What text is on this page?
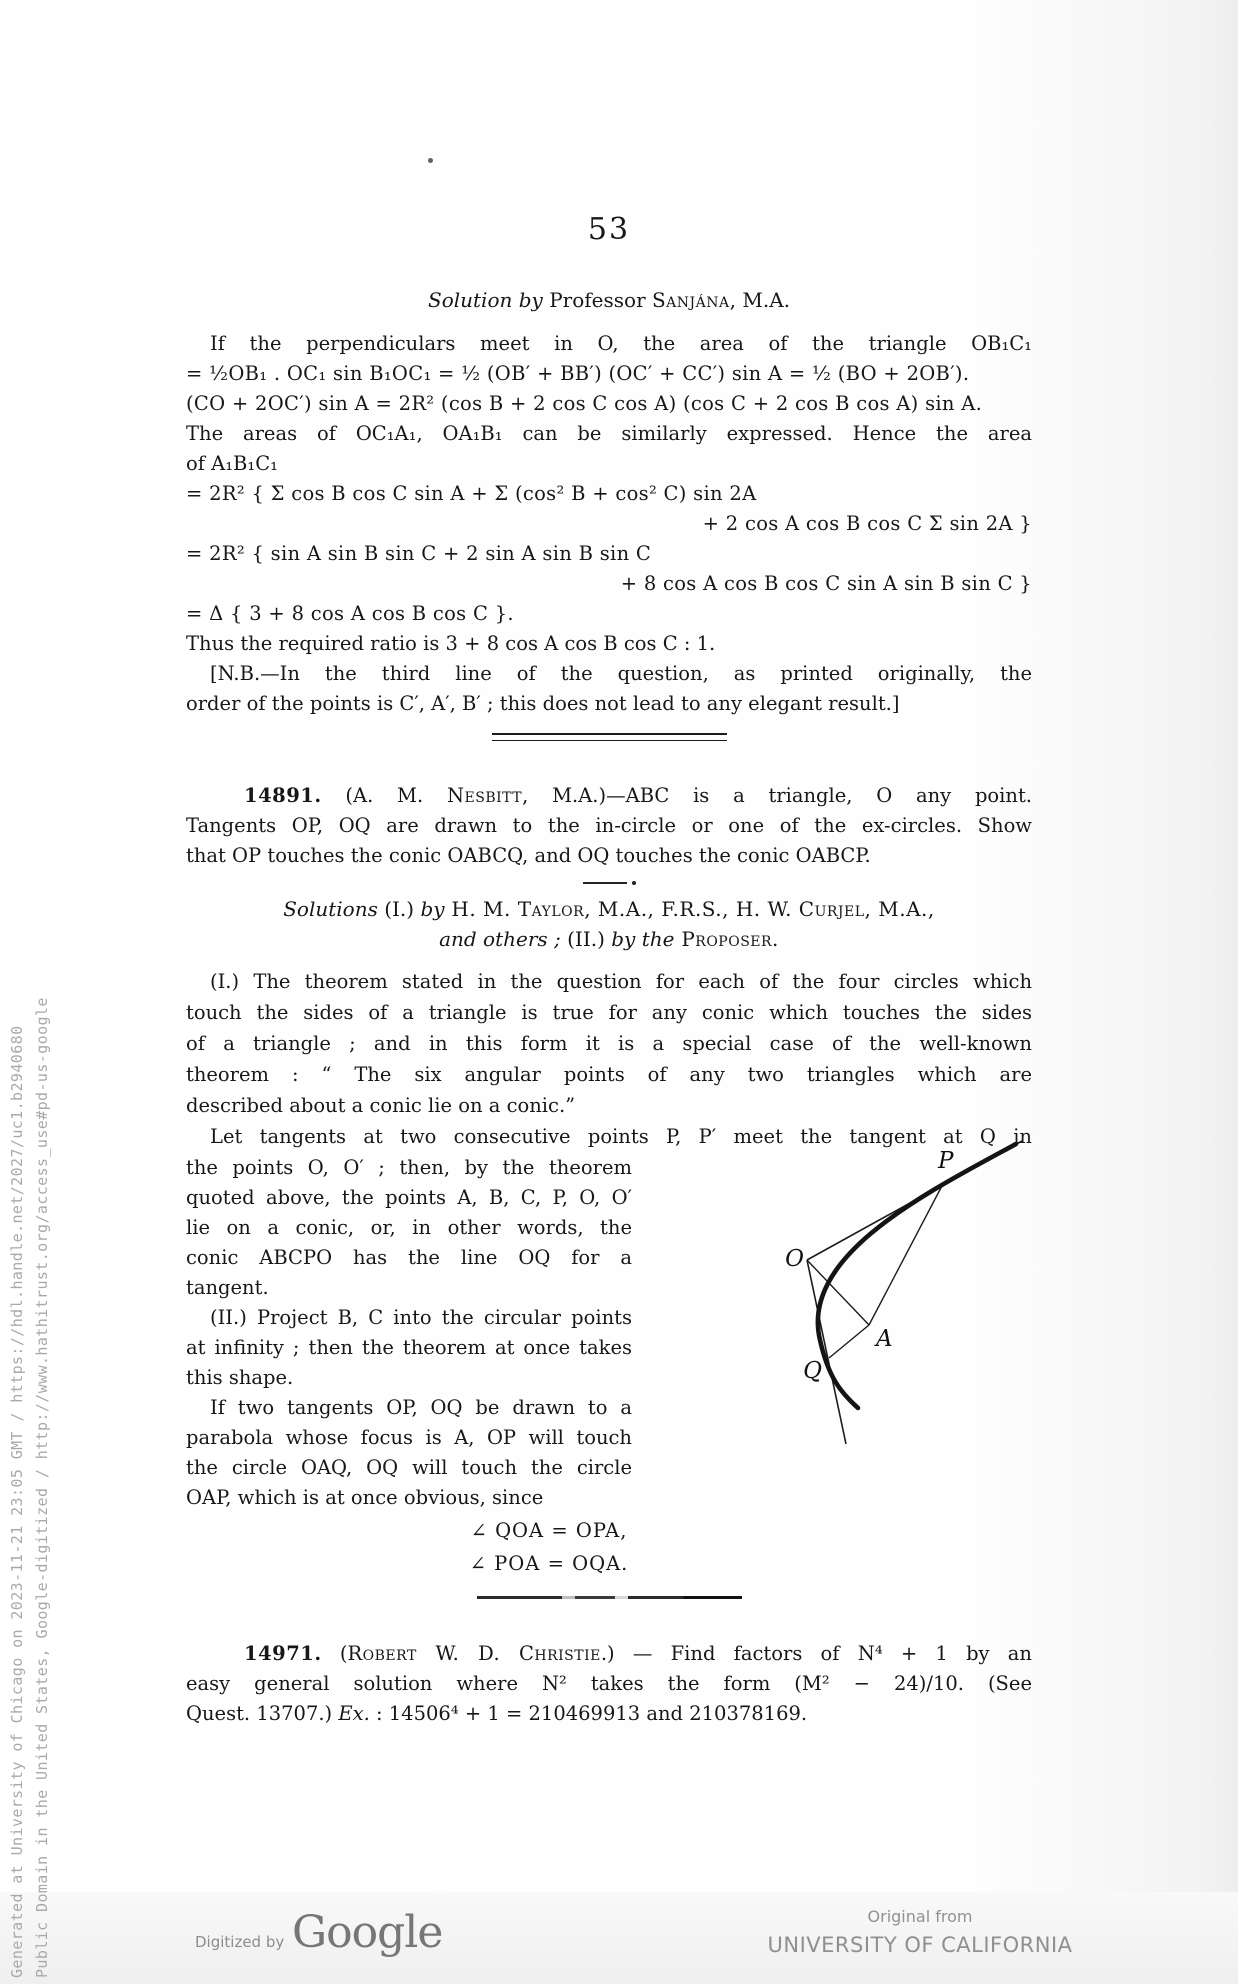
Generated at University of Chicago on 2023-11-21 23:05 GMT / https://hdl.handle.net/2027/uc1.b2940680 Public Domain in the United States, Google-digitized / http://www.hathitrust.org/access_use#pd-us-google
53
Solution by Professor Sanjána, M.A.
If the perpendiculars meet in O, the area of the triangle OB₁C₁
= ½OB₁ . OC₁ sin B₁OC₁ = ½ (OB′ + BB′) (OC′ + CC′) sin A = ½ (BO + 2OB′).
(CO + 2OC′) sin A = 2R² (cos B + 2 cos C cos A) (cos C + 2 cos B cos A) sin A.
The areas of OC₁A₁, OA₁B₁ can be similarly expressed. Hence the area
of A₁B₁C₁
= 2R² { Σ cos B cos C sin A + Σ (cos² B + cos² C) sin 2A
+ 2 cos A cos B cos C Σ sin 2A }
= 2R² { sin A sin B sin C + 2 sin A sin B sin C
+ 8 cos A cos B cos C sin A sin B sin C }
= Δ { 3 + 8 cos A cos B cos C }.
Thus the required ratio is 3 + 8 cos A cos B cos C : 1.
[N.B.—In the third line of the question, as printed originally, the
order of the points is C′, A′, B′ ; this does not lead to any elegant result.]
14891. (A. M. Nesbitt, M.A.)—ABC is a triangle, O any point.
Tangents OP, OQ are drawn to the in-circle or one of the ex-circles. Show
that OP touches the conic OABCQ, and OQ touches the conic OABCP.
Solutions (I.) by H. M. Taylor, M.A., F.R.S., H. W. Curjel, M.A.,
and others ; (II.) by the Proposer.
(I.) The theorem stated in the question for each of the four circles which
touch the sides of a triangle is true for any conic which touches the sides
of a triangle ; and in this form it is a special case of the well-known
theorem : “ The six angular points of any two triangles which are
described about a conic lie on a conic.”
Let tangents at two consecutive points P, P′ meet the tangent at Q in
O
P
Q
A
the points O, O′ ; then, by the theorem
quoted above, the points A, B, C, P, O, O′
lie on a conic, or, in other words, the
conic ABCPO has the line OQ for a
tangent.
(II.) Project B, C into the circular points
at infinity ; then the theorem at once takes
this shape.
If two tangents OP, OQ be drawn to a
parabola whose focus is A, OP will touch
the circle OAQ, OQ will touch the circle
OAP, which is at once obvious, since
∠ QOA = OPA,
∠ POA = OQA.
14971. (Robert W. D. Christie.) — Find factors of N⁴ + 1 by an
easy general solution where N² takes the form (M² − 24)/10. (See
Quest. 13707.) Ex. : 14506⁴ + 1 = 210469913 and 210378169.
Digitized by Google	Original from
UNIVERSITY OF CALIFORNIA
